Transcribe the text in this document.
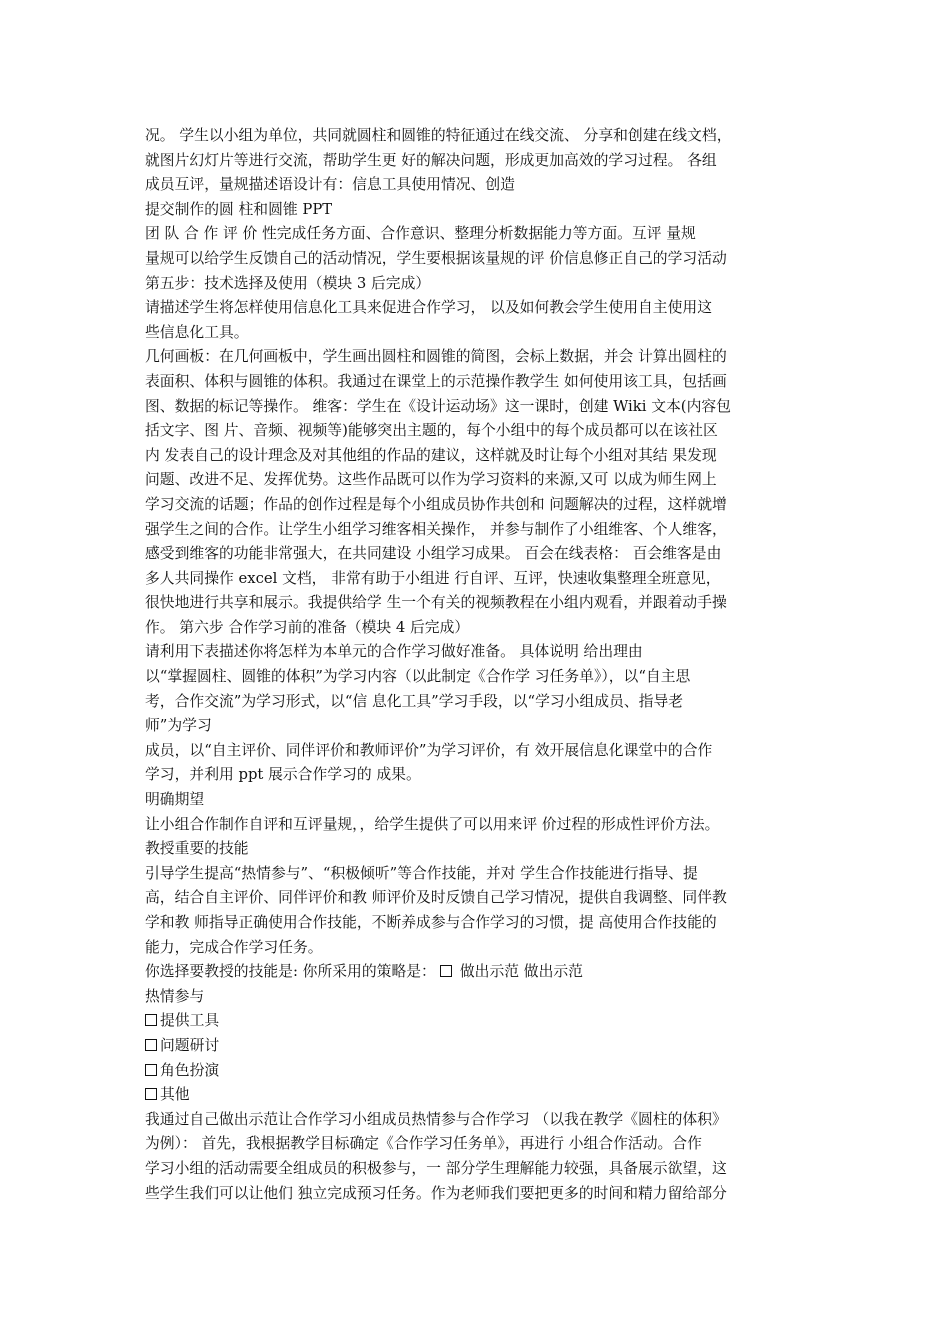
况。 学生以小组为单位，共同就圆柱和圆锥的特征通过在线交流、 分享和创建在线文档，
就图片幻灯片等进行交流，帮助学生更 好的解决问题，形成更加高效的学习过程。 各组
成员互评，量规描述语设计有：信息工具使用情况、创造
提交制作的圆 柱和圆锥 PPT
团 队 合 作 评 价 性完成任务方面、合作意识、整理分析数据能力等方面。互评 量规
量规可以给学生反馈自己的活动情况，学生要根据该量规的评 价信息修正自己的学习活动
第五步：技术选择及使用（模块 3 后完成）
请描述学生将怎样使用信息化工具来促进合作学习， 以及如何教会学生使用自主使用这
些信息化工具。
几何画板：在几何画板中，学生画出圆柱和圆锥的简图，会标上数据，并会 计算出圆柱的
表面积、体积与圆锥的体积。我通过在课堂上的示范操作教学生 如何使用该工具，包括画
图、数据的标记等操作。 维客：学生在《设计运动场》这一课时，创建 Wiki 文本(内容包
括文字、图 片、音频、视频等)能够突出主题的，每个小组中的每个成员都可以在该社区
内 发表自己的设计理念及对其他组的作品的建议，这样就及时让每个小组对其结 果发现
问题、改进不足、发挥优势。这些作品既可以作为学习资料的来源,又可 以成为师生网上
学习交流的话题；作品的创作过程是每个小组成员协作共创和 问题解决的过程，这样就增
强学生之间的合作。让学生小组学习维客相关操作， 并参与制作了小组维客、个人维客，
感受到维客的功能非常强大，在共同建设 小组学习成果。 百会在线表格： 百会维客是由
多人共同操作 excel 文档， 非常有助于小组进 行自评、互评，快速收集整理全班意见，
很快地进行共享和展示。我提供给学 生一个有关的视频教程在小组内观看，并跟着动手操
作。 第六步 合作学习前的准备（模块 4 后完成）
请利用下表描述你将怎样为本单元的合作学习做好准备。 具体说明 给出理由
以“掌握圆柱、圆锥的体积”为学习内容（以此制定《合作学 习任务单》），以“自主思
考，合作交流”为学习形式，以“信 息化工具”学习手段，以“学习小组成员、指导老
师”为学习
成员，以“自主评价、同伴评价和教师评价”为学习评价，有 效开展信息化课堂中的合作
学习，并利用 ppt 展示合作学习的 成果。
明确期望
让小组合作制作自评和互评量规，，给学生提供了可以用来评 价过程的形成性评价方法。
教授重要的技能
引导学生提高“热情参与”、“积极倾听”等合作技能，并对 学生合作技能进行指导、提
高，结合自主评价、同伴评价和教 师评价及时反馈自己学习情况，提供自我调整、同伴教
学和教 师指导正确使用合作技能，不断养成参与合作学习的习惯，提 高使用合作技能的
能力，完成合作学习任务。
你选择要教授的技能是: 你所采用的策略是： 做出示范 做出示范
热情参与
提供工具
问题研讨
角色扮演
其他
我通过自己做出示范让合作学习小组成员热情参与合作学习 （以我在教学《圆柱的体积》
为例）： 首先，我根据教学目标确定《合作学习任务单》，再进行 小组合作活动。合作
学习小组的活动需要全组成员的积极参与，一 部分学生理解能力较强，具备展示欲望，这
些学生我们可以让他们 独立完成预习任务。作为老师我们要把更多的时间和精力留给部分
